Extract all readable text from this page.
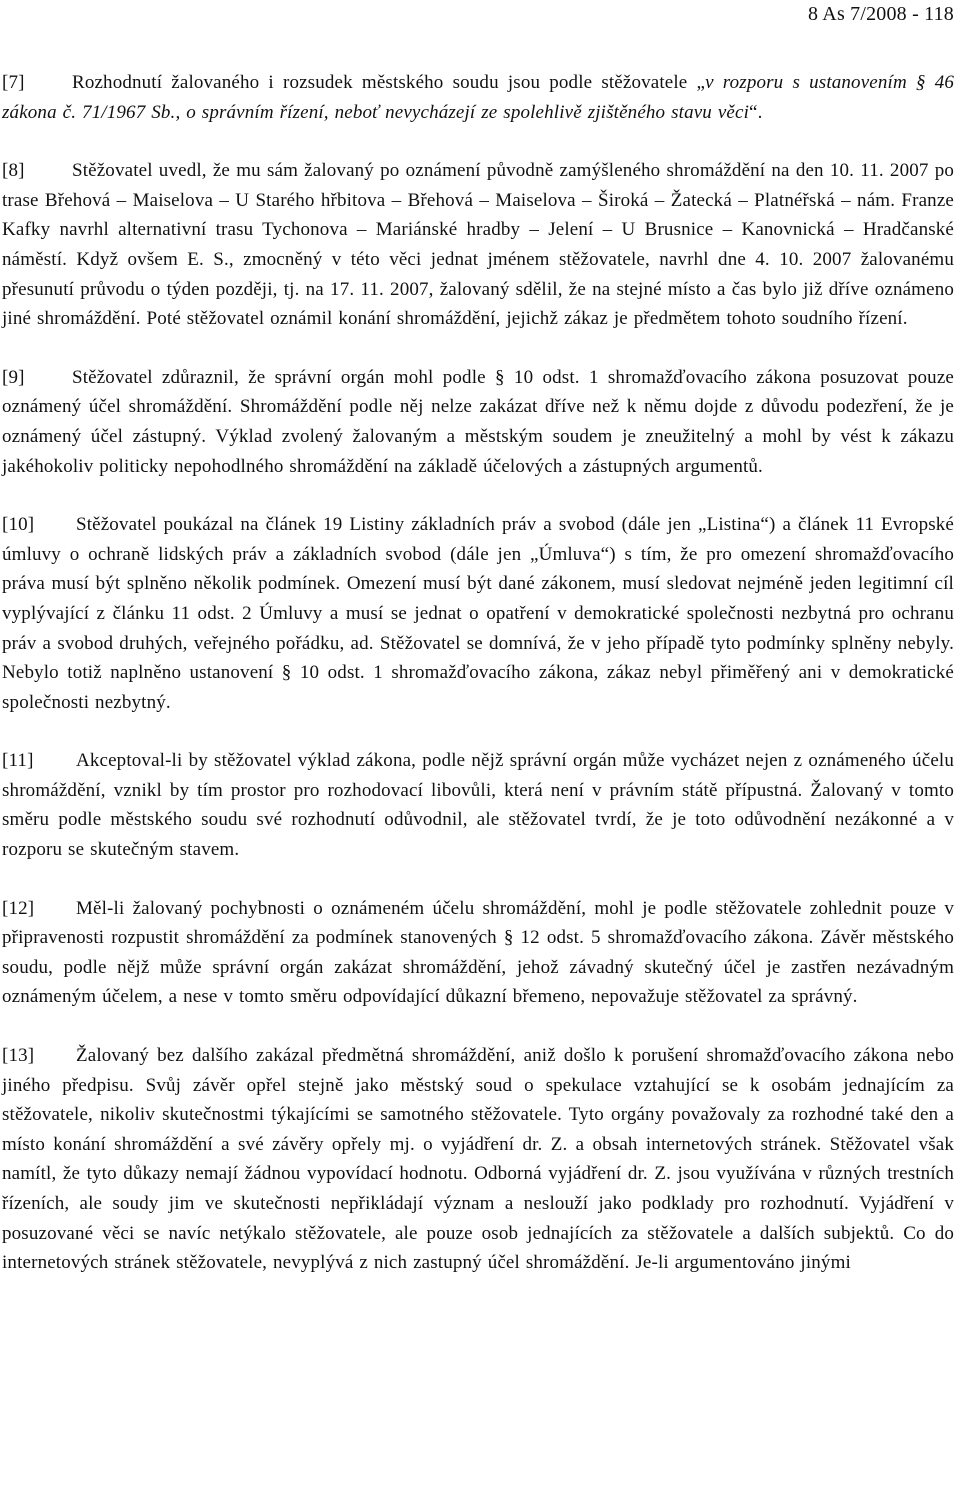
8 As 7/2008 - 118

[7] Rozhodnutí žalovaného i rozsudek městského soudu jsou podle stěžovatele „v rozporu s ustanovením § 46 zákona č. 71/1967 Sb., o správním řízení, neboť nevycházejí ze spolehlivě zjištěného stavu věci“.

[8] Stěžovatel uvedl, že mu sám žalovaný po oznámení původně zamýšleného shromáždění na den 10. 11. 2007 po trase Břehová – Maiselova – U Starého hřbitova – Břehová – Maiselova – Široká – Žatecká – Platnéřská – nám. Franze Kafky navrhl alternativní trasu Tychonova – Mariánské hradby – Jelení – U Brusnice – Kanovnická – Hradčanské náměstí. Když ovšem E. S., zmocněný v této věci jednat jménem stěžovatele, navrhl dne 4. 10. 2007 žalovanému přesunutí průvodu o týden později, tj. na 17. 11. 2007, žalovaný sdělil, že na stejné místo a čas bylo již dříve oznámeno jiné shromáždění. Poté stěžovatel oznámil konání shromáždění, jejichž zákaz je předmětem tohoto soudního řízení.

[9] Stěžovatel zdůraznil, že správní orgán mohl podle § 10 odst. 1 shromažďovacího zákona posuzovat pouze oznámený účel shromáždění. Shromáždění podle něj nelze zakázat dříve než k němu dojde z důvodu podezření, že je oznámený účel zástupný. Výklad zvolený žalovaným a městským soudem je zneužitelný a mohl by vést k zákazu jakéhokoliv politicky nepohodlného shromáždění na základě účelových a zástupných argumentů.

[10] Stěžovatel poukázal na článek 19 Listiny základních práv a svobod (dále jen „Listina“) a článek 11 Evropské úmluvy o ochraně lidských práv a základních svobod (dále jen „Úmluva“) s tím, že pro omezení shromažďovacího práva musí být splněno několik podmínek. Omezení musí být dané zákonem, musí sledovat nejméně jeden legitimní cíl vyplývající z článku 11 odst. 2 Úmluvy a musí se jednat o opatření v demokratické společnosti nezbytná pro ochranu práv a svobod druhých, veřejného pořádku, ad. Stěžovatel se domnívá, že v jeho případě tyto podmínky splněny nebyly. Nebylo totiž naplněno ustanovení § 10 odst. 1 shromažďovacího zákona, zákaz nebyl přiměřený ani v demokratické společnosti nezbytný.

[11] Akceptoval-li by stěžovatel výklad zákona, podle nějž správní orgán může vycházet nejen z oznámeného účelu shromáždění, vznikl by tím prostor pro rozhodovací libovůli, která není v právním státě přípustná. Žalovaný v tomto směru podle městského soudu své rozhodnutí odůvodnil, ale stěžovatel tvrdí, že je toto odůvodnění nezákonné a v rozporu se skutečným stavem.

[12] Měl-li žalovaný pochybnosti o oznámeném účelu shromáždění, mohl je podle stěžovatele zohlednit pouze v připravenosti rozpustit shromáždění za podmínek stanovených § 12 odst. 5 shromažďovacího zákona. Závěr městského soudu, podle nějž může správní orgán zakázat shromáždění, jehož závadný skutečný účel je zastřen nezávadným oznámeným účelem, a nese v tomto směru odpovídající důkazní břemeno, nepovažuje stěžovatel za správný.

[13] Žalovaný bez dalšího zakázal předmětná shromáždění, aniž došlo k porušení shromažďovacího zákona nebo jiného předpisu. Svůj závěr opřel stejně jako městský soud o spekulace vztahující se k osobám jednajícím za stěžovatele, nikoliv skutečnostmi týkajícími se samotného stěžovatele. Tyto orgány považovaly za rozhodné také den a místo konání shromáždění a své závěry opřely mj. o vyjádření dr. Z. a obsah internetových stránek. Stěžovatel však namítl, že tyto důkazy nemají žádnou vypovídací hodnotu. Odborná vyjádření dr. Z. jsou využívána v různých trestních řízeních, ale soudy jim ve skutečnosti nepřikládají význam a neslouží jako podklady pro rozhodnutí. Vyjádření v posuzované věci se navíc netýkalo stěžovatele, ale pouze osob jednajících za stěžovatele a dalších subjektů. Co do internetových stránek stěžovatele, nevyplývá z nich zastupný účel shromáždění. Je-li argumentováno jinými
